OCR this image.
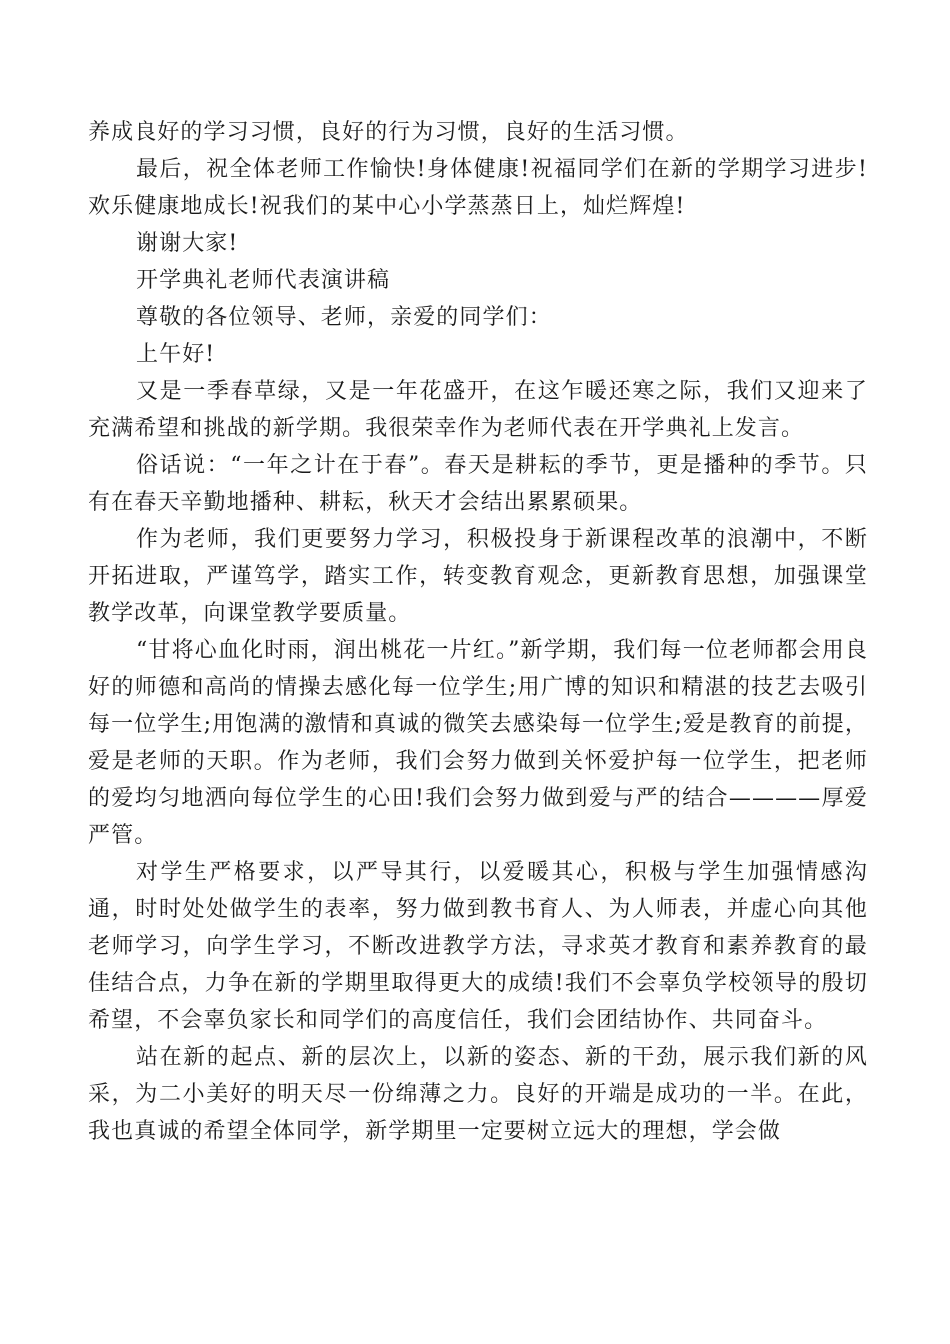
养成良好的学习习惯，良好的行为习惯，良好的生活习惯。

最后，祝全体老师工作愉快!身体健康!祝福同学们在新的学期学习进步!欢乐健康地成长!祝我们的某中心小学蒸蒸日上，灿烂辉煌!

谢谢大家!

开学典礼老师代表演讲稿

尊敬的各位领导、老师，亲爱的同学们：

上午好!

又是一季春草绿，又是一年花盛开，在这乍暖还寒之际，我们又迎来了充满希望和挑战的新学期。我很荣幸作为老师代表在开学典礼上发言。

俗话说：“一年之计在于春”。春天是耕耘的季节，更是播种的季节。只有在春天辛勤地播种、耕耘，秋天才会结出累累硕果。

作为老师，我们更要努力学习，积极投身于新课程改革的浪潮中，不断开拓进取，严谨笃学，踏实工作，转变教育观念，更新教育思想，加强课堂教学改革，向课堂教学要质量。

“甘将心血化时雨，润出桃花一片红。”新学期，我们每一位老师都会用良好的师德和高尚的情操去感化每一位学生;用广博的知识和精湛的技艺去吸引每一位学生;用饱满的激情和真诚的微笑去感染每一位学生;爱是教育的前提，爱是老师的天职。作为老师，我们会努力做到关怀爱护每一位学生，把老师的爱均匀地洒向每位学生的心田!我们会努力做到爱与严的结合————厚爱严管。

对学生严格要求，以严导其行，以爱暖其心，积极与学生加强情感沟通，时时处处做学生的表率，努力做到教书育人、为人师表，并虚心向其他老师学习，向学生学习，不断改进教学方法，寻求英才教育和素养教育的最佳结合点，力争在新的学期里取得更大的成绩!我们不会辜负学校领导的殷切希望，不会辜负家长和同学们的高度信任，我们会团结协作、共同奋斗。

站在新的起点、新的层次上，以新的姿态、新的干劲，展示我们新的风采，为二小美好的明天尽一份绵薄之力。良好的开端是成功的一半。在此，我也真诚的希望全体同学，新学期里一定要树立远大的理想，学会做
